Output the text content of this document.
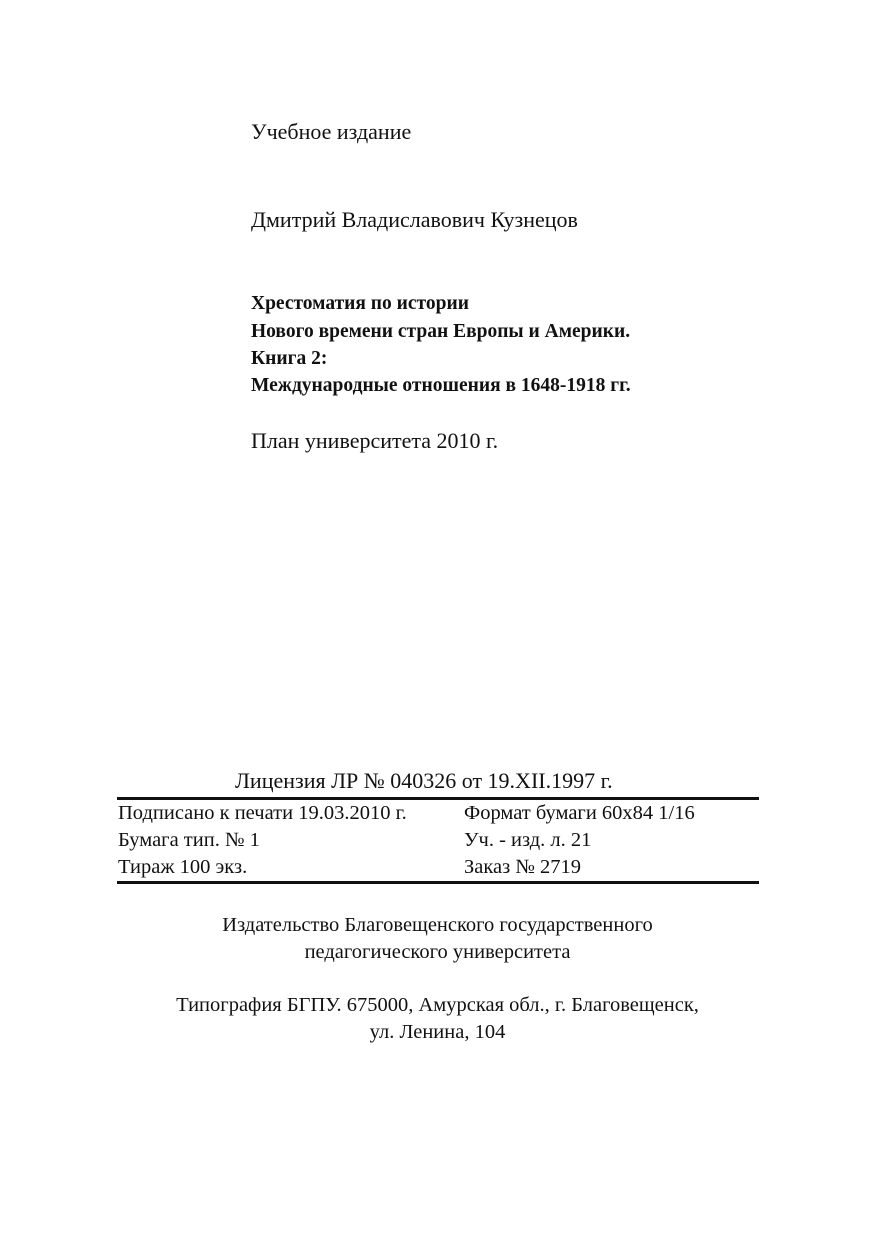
Учебное издание
Дмитрий Владиславович Кузнецов
Хрестоматия по истории
Нового времени стран Европы и Америки.
Книга 2:
Международные отношения в 1648-1918 гг.
План университета 2010 г.
Лицензия ЛР № 040326 от 19.XII.1997 г.
Подписано к печати 19.03.2010 г.	Формат бумаги 60x84 1/16
Бумага тип. № 1	Уч. - изд. л. 21
Тираж 100 экз.	Заказ № 2719
Издательство Благовещенского государственного
педагогического университета
Типография БГПУ. 675000, Амурская обл., г. Благовещенск,
ул. Ленина, 104
